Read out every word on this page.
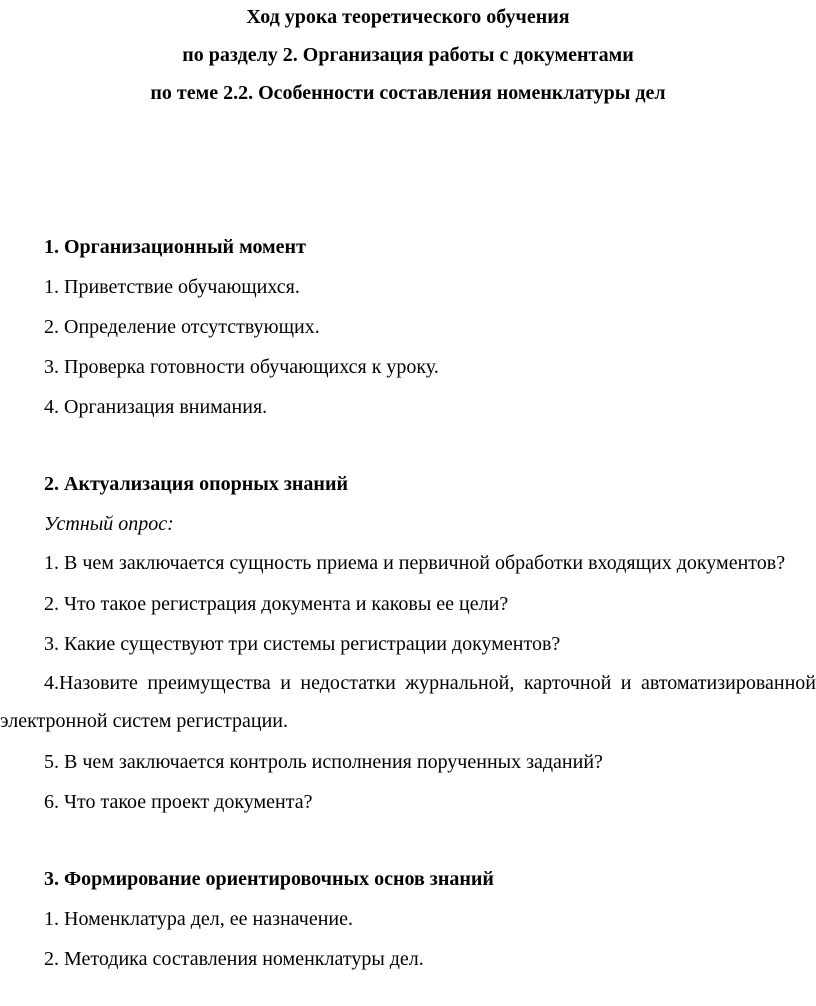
Ход урока теоретического обучения
по разделу 2. Организация работы с документами
по теме 2.2. Особенности составления номенклатуры дел
1. Организационный момент
1. Приветствие обучающихся.
2. Определение отсутствующих.
3. Проверка готовности обучающихся к уроку.
4. Организация внимания.
2. Актуализация опорных знаний
Устный опрос:
1. В чем заключается сущность приема и первичной обработки входящих документов?
2. Что такое регистрация документа и каковы ее цели?
3. Какие существуют три системы регистрации документов?
4.Назовите преимущества и недостатки журнальной, карточной и автоматизированной электронной систем регистрации.
5. В чем заключается контроль исполнения порученных заданий?
6. Что такое проект документа?
3. Формирование ориентировочных основ знаний
1. Номенклатура дел, ее назначение.
2. Методика составления номенклатуры дел.
